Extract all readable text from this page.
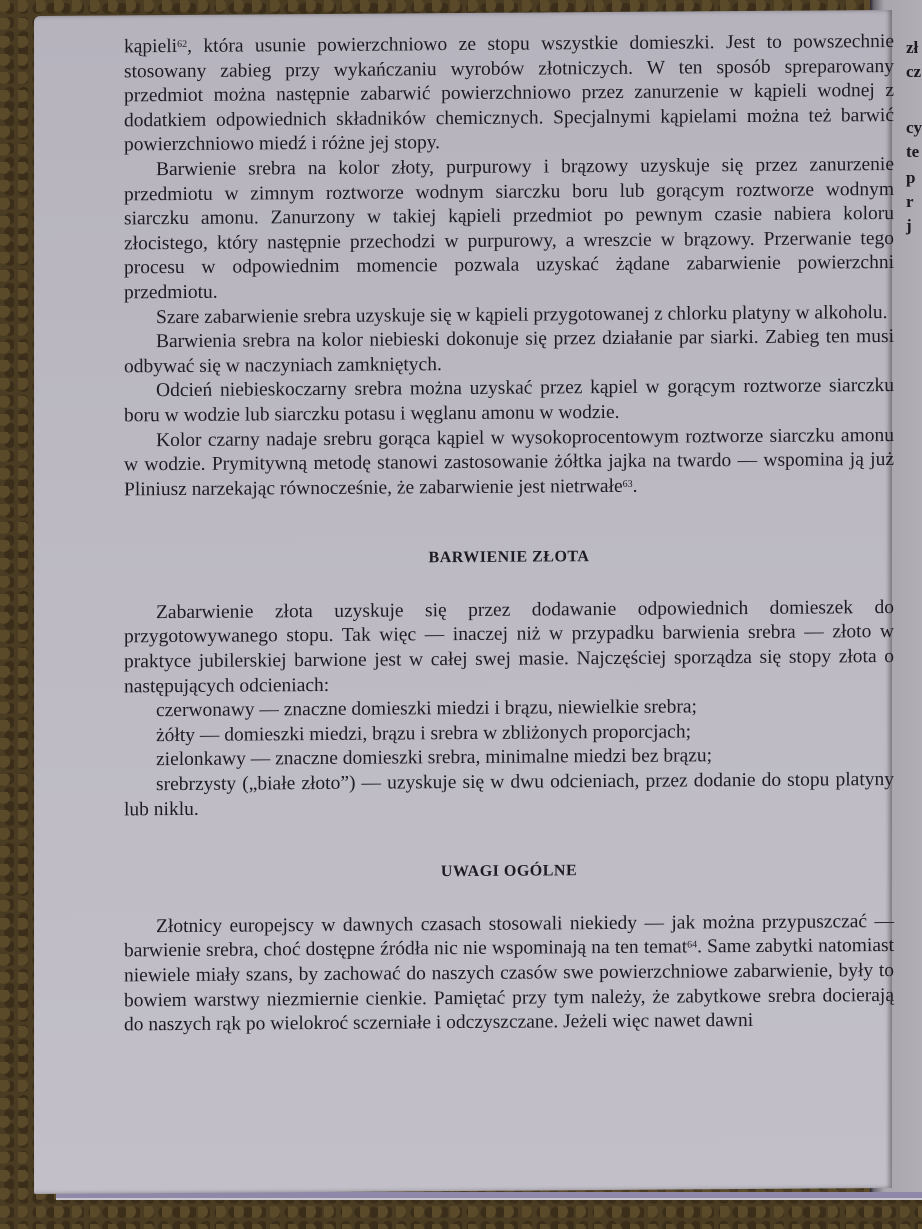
zł
cz
cy
te
p
r
j

kąpieli$^{62}$, która usunie powierzchniowo ze stopu wszystkie domieszki. Jest to powszechnie stosowany zabieg przy wykańczaniu wyrobów złotniczych. W ten sposób spreparowany przedmiot można następnie zabarwić powierzchniowo przez zanurzenie w kąpieli wodnej z dodatkiem odpowiednich składników chemicznych. Specjalnymi kąpielami można też barwić powierzchniowo miedź i różne jej stopy.

Barwienie srebra na kolor złoty, purpurowy i brązowy uzyskuje się przez zanurzenie przedmiotu w zimnym roztworze wodnym siarczku boru lub gorącym roztworze wodnym siarczku amonu. Zanurzony w takiej kąpieli przedmiot po pewnym czasie nabiera koloru złocistego, który następnie przechodzi w purpurowy, a wreszcie w brązowy. Przerwanie tego procesu w odpowiednim momencie pozwala uzyskać żądane zabarwienie powierzchni przedmiotu.

Szare zabarwienie srebra uzyskuje się w kąpieli przygotowanej z chlorku platyny w alkoholu.

Barwienia srebra na kolor niebieski dokonuje się przez działanie par siarki. Zabieg ten musi odbywać się w naczyniach zamkniętych.

Odcień niebieskoczarny srebra można uzyskać przez kąpiel w gorącym roztworze siarczku boru w wodzie lub siarczku potasu i węglanu amonu w wodzie.

Kolor czarny nadaje srebru gorąca kąpiel w wysokoprocentowym roztworze siarczku amonu w wodzie. Prymitywną metodę stanowi zastosowanie żółtka jajka na twardo — wspomina ją już Pliniusz narzekając równocześnie, że zabarwienie jest nietrwałe$^{63}$.

BARWIENIE ZŁOTA

Zabarwienie złota uzyskuje się przez dodawanie odpowiednich domieszek do przygotowywanego stopu. Tak więc — inaczej niż w przypadku barwienia srebra — złoto w praktyce jubilerskiej barwione jest w całej swej masie. Najczęściej sporządza się stopy złota o następujących odcieniach:

czerwonawy — znaczne domieszki miedzi i brązu, niewielkie srebra;

żółty — domieszki miedzi, brązu i srebra w zbliżonych proporcjach;

zielonkawy — znaczne domieszki srebra, minimalne miedzi bez brązu;

srebrzysty („białe złoto”) — uzyskuje się w dwu odcieniach, przez dodanie do stopu platyny lub niklu.

UWAGI OGÓLNE

Złotnicy europejscy w dawnych czasach stosowali niekiedy — jak można przypuszczać — barwienie srebra, choć dostępne źródła nic nie wspominają na ten temat$^{64}$. Same zabytki natomiast niewiele miały szans, by zachować do naszych czasów swe powierzchniowe zabarwienie, były to bowiem warstwy niezmiernie cienkie. Pamiętać przy tym należy, że zabytkowe srebra docierają do naszych rąk po wielokroć sczerniałe i odczyszczane. Jeżeli więc nawet dawni
